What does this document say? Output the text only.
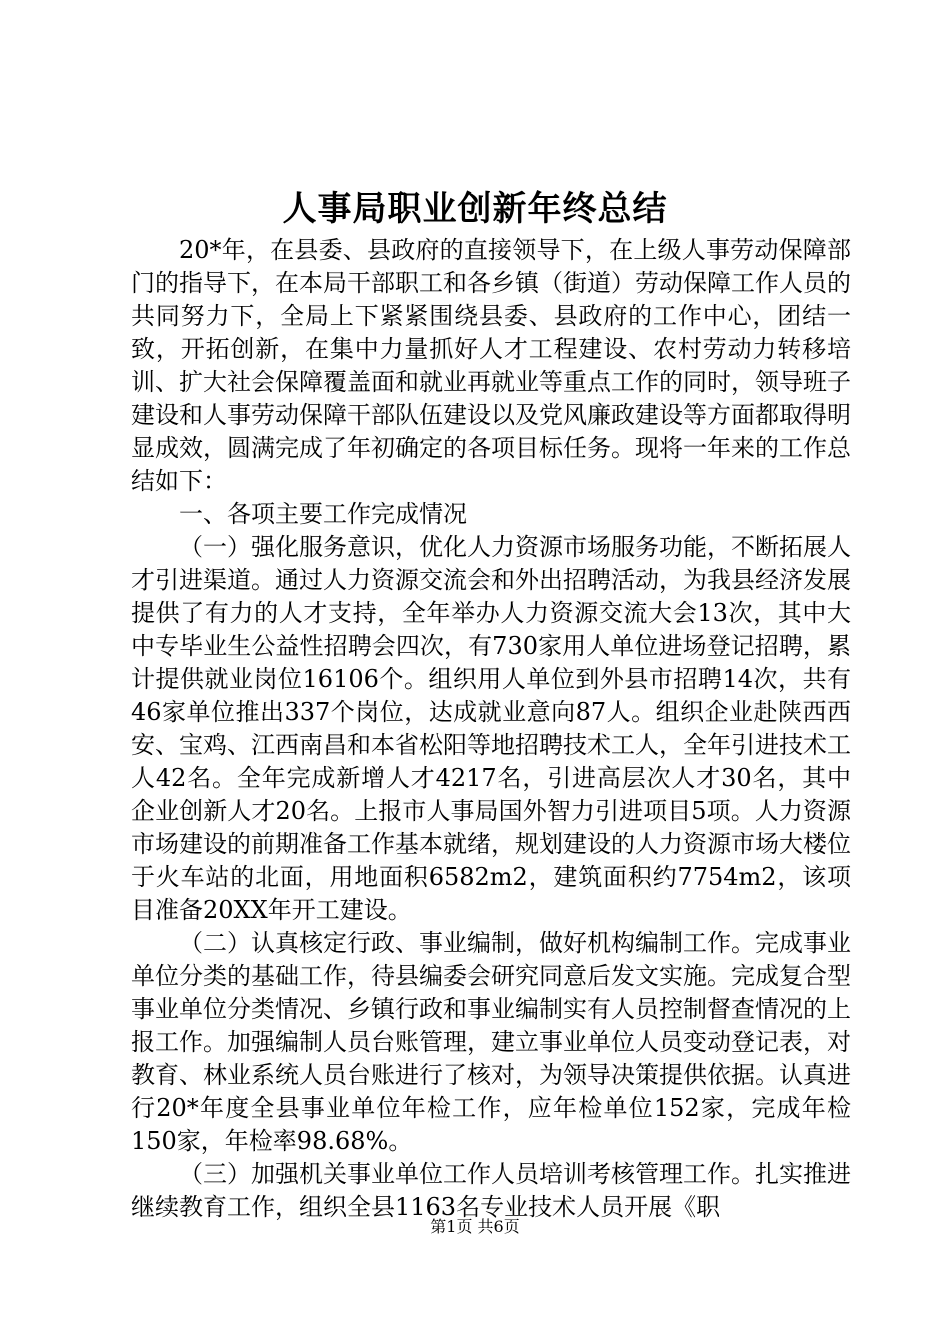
人事局职业创新年终总结

20*年，在县委、县政府的直接领导下，在上级人事劳动保障部门的指导下，在本局干部职工和各乡镇（街道）劳动保障工作人员的共同努力下，全局上下紧紧围绕县委、县政府的工作中心，团结一致，开拓创新，在集中力量抓好人才工程建设、农村劳动力转移培训、扩大社会保障覆盖面和就业再就业等重点工作的同时，领导班子建设和人事劳动保障干部队伍建设以及党风廉政建设等方面都取得明显成效，圆满完成了年初确定的各项目标任务。现将一年来的工作总结如下：

一、各项主要工作完成情况

（一）强化服务意识，优化人力资源市场服务功能，不断拓展人才引进渠道。通过人力资源交流会和外出招聘活动，为我县经济发展提供了有力的人才支持，全年举办人力资源交流大会13次，其中大中专毕业生公益性招聘会四次，有730家用人单位进场登记招聘，累计提供就业岗位16106个。组织用人单位到外县市招聘14次，共有46家单位推出337个岗位，达成就业意向87人。组织企业赴陕西西安、宝鸡、江西南昌和本省松阳等地招聘技术工人，全年引进技术工人42名。全年完成新增人才4217名，引进高层次人才30名，其中企业创新人才20名。上报市人事局国外智力引进项目5项。人力资源市场建设的前期准备工作基本就绪，规划建设的人力资源市场大楼位于火车站的北面，用地面积6582m2，建筑面积约7754m2，该项目准备20XX年开工建设。

（二）认真核定行政、事业编制，做好机构编制工作。完成事业单位分类的基础工作，待县编委会研究同意后发文实施。完成复合型事业单位分类情况、乡镇行政和事业编制实有人员控制督查情况的上报工作。加强编制人员台账管理，建立事业单位人员变动登记表，对教育、林业系统人员台账进行了核对，为领导决策提供依据。认真进行20*年度全县事业单位年检工作，应年检单位152家，完成年检150家，年检率98.68%。

（三）加强机关事业单位工作人员培训考核管理工作。扎实推进继续教育工作，组织全县1163名专业技术人员开展《职

第1页 共6页
